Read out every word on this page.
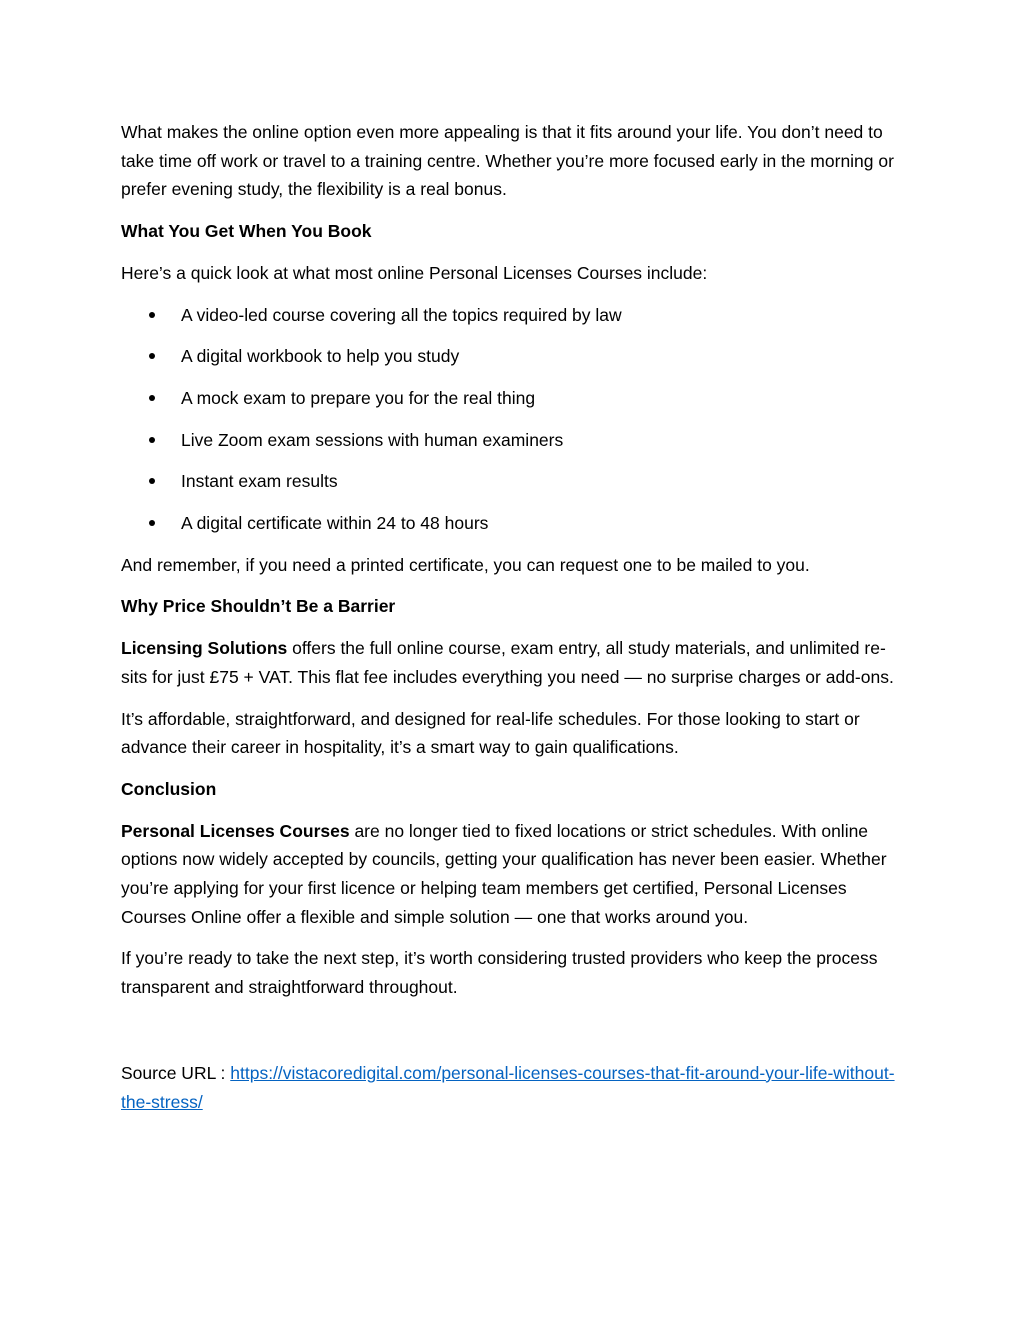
What makes the online option even more appealing is that it fits around your life. You don’t need to take time off work or travel to a training centre. Whether you’re more focused early in the morning or prefer evening study, the flexibility is a real bonus.

What You Get When You Book

Here’s a quick look at what most online Personal Licenses Courses include:

A video-led course covering all the topics required by law
A digital workbook to help you study
A mock exam to prepare you for the real thing
Live Zoom exam sessions with human examiners
Instant exam results
A digital certificate within 24 to 48 hours

And remember, if you need a printed certificate, you can request one to be mailed to you.

Why Price Shouldn’t Be a Barrier

Licensing Solutions offers the full online course, exam entry, all study materials, and unlimited re-sits for just £75 + VAT. This flat fee includes everything you need — no surprise charges or add-ons.

It’s affordable, straightforward, and designed for real-life schedules. For those looking to start or advance their career in hospitality, it’s a smart way to gain qualifications.

Conclusion

Personal Licenses Courses are no longer tied to fixed locations or strict schedules. With online options now widely accepted by councils, getting your qualification has never been easier. Whether you’re applying for your first licence or helping team members get certified, Personal Licenses Courses Online offer a flexible and simple solution — one that works around you.

If you’re ready to take the next step, it’s worth considering trusted providers who keep the process transparent and straightforward throughout.

Source URL : https://vistacoredigital.com/personal-licenses-courses-that-fit-around-your-life-without-the-stress/
